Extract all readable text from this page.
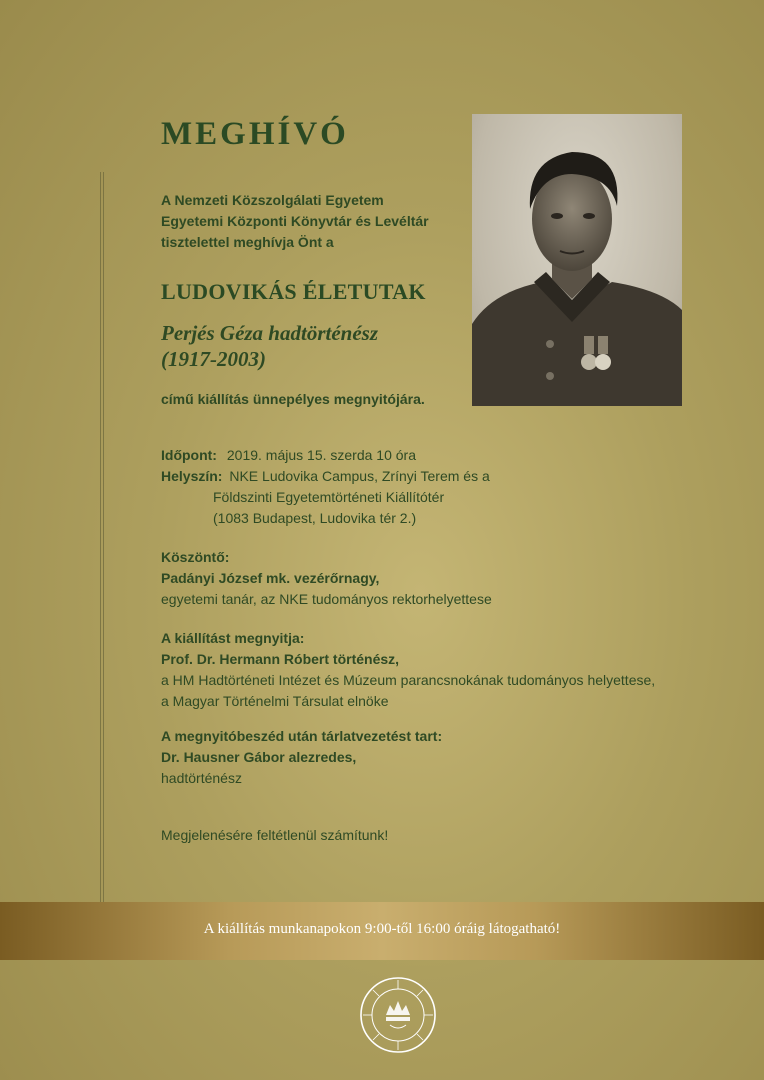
MEGHÍVÓ
A Nemzeti Közszolgálati Egyetem
Egyetemi Központi Könyvtár és Levéltár
tisztelettel meghívja Önt a
LUDOVIKÁS ÉLETUTAK
Perjés Géza hadtörténész
(1917-2003)
című kiállítás ünnepélyes megnyitójára.
Időpont: 2019. május 15. szerda 10 óra
Helyszín: NKE Ludovika Campus, Zrínyi Terem és a
Földszinti Egyetemtörténeti Kiállítótér
(1083 Budapest, Ludovika tér 2.)
Köszöntő:
Padányi József mk. vezérőrnagy,
egyetemi tanár, az NKE tudományos rektorhelyettese
A kiállítást megnyitja:
Prof. Dr. Hermann Róbert történész,
a HM Hadtörténeti Intézet és Múzeum parancsnokának tudományos helyettese,
a Magyar Történelmi Társulat elnöke
A megnyitóbeszéd után tárlatvezetést tart:
Dr. Hausner Gábor alezredes,
hadtörténész
Megjelenésére feltétlenül számítunk!
A kiállítás munkanapokon 9:00-től 16:00 óráig látogatható!
